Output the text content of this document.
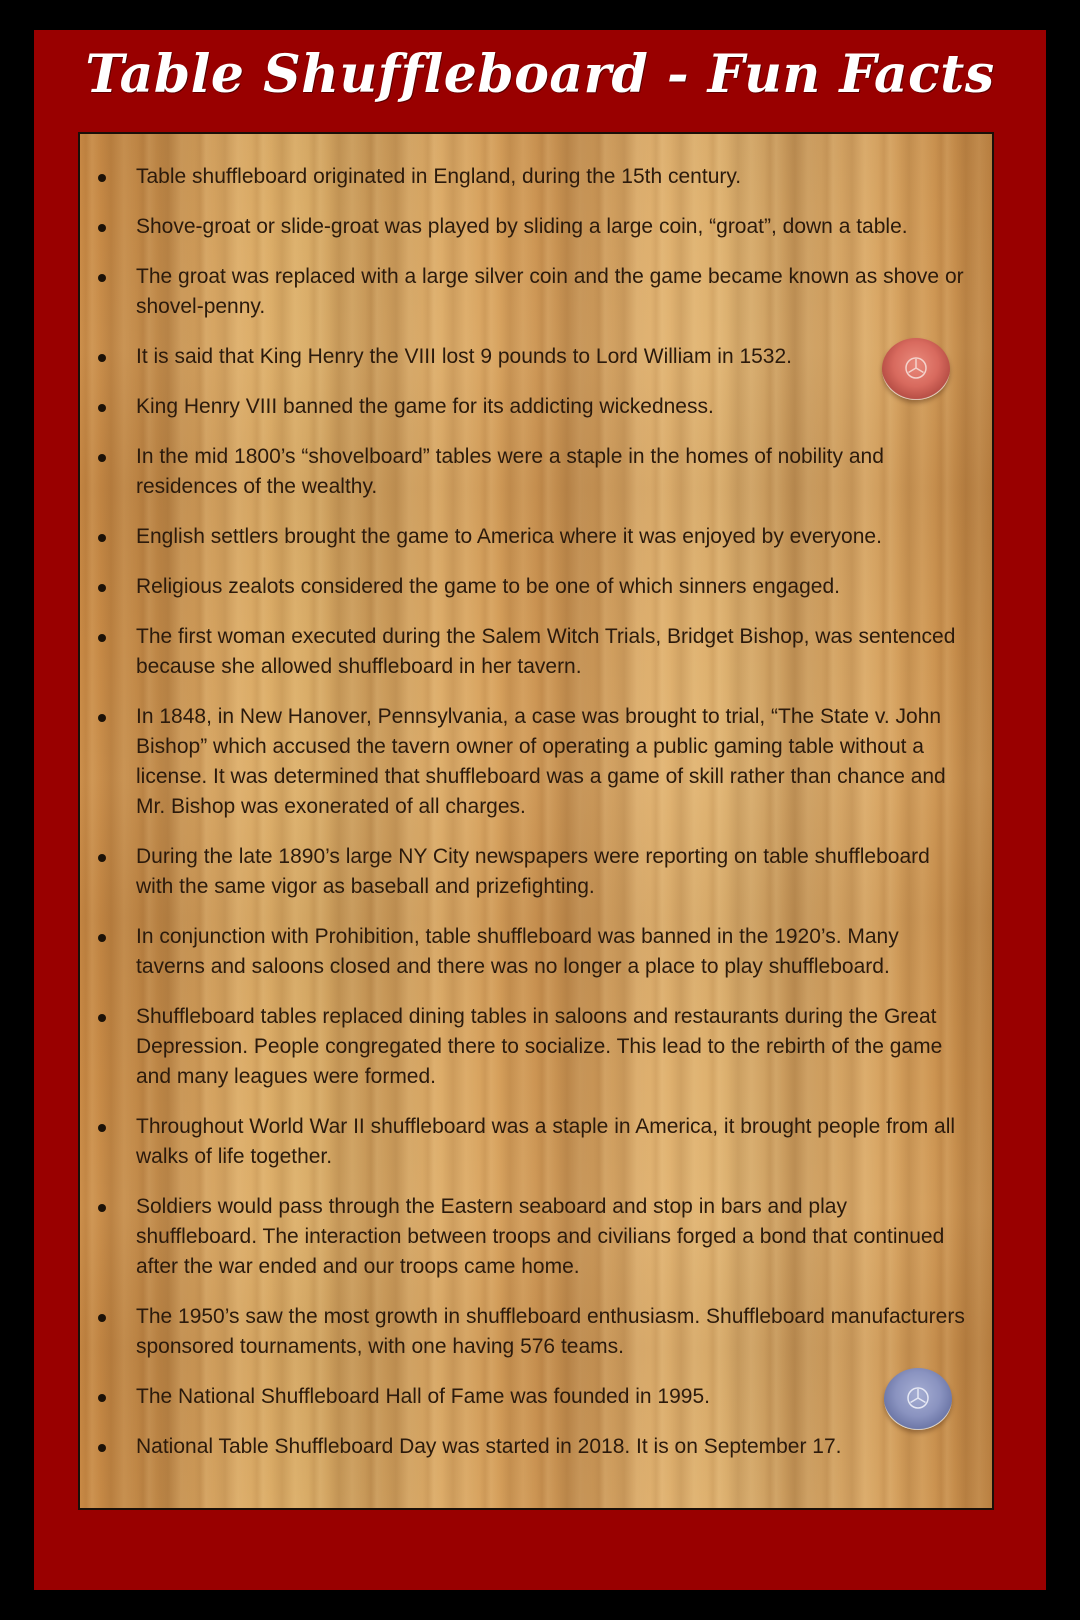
Table Shuffleboard - Fun Facts
Table shuffleboard originated in England, during the 15th century.
Shove-groat or slide-groat was played by sliding a large coin, “groat”, down a table.
The groat was replaced with a large silver coin and the game became known as shove or shovel-penny.
It is said that King Henry the VIII lost 9 pounds to Lord William in 1532.
King Henry VIII banned the game for its addicting wickedness.
In the mid 1800’s “shovelboard” tables were a staple in the homes of nobility and residences of the wealthy.
English settlers brought the game to America where it was enjoyed by everyone.
Religious zealots considered the game to be one of which sinners engaged.
The first woman executed during the Salem Witch Trials, Bridget Bishop, was sentenced because she allowed shuffleboard in her tavern.
In 1848, in New Hanover, Pennsylvania, a case was brought to trial, “The State v. John Bishop” which accused the tavern owner of operating a public gaming table without a license. It was determined that shuffleboard was a game of skill rather than chance and Mr. Bishop was exonerated of all charges.
During the late 1890’s large NY City newspapers were reporting on table shuffleboard with the same vigor as baseball and prizefighting.
In conjunction with Prohibition, table shuffleboard was banned in the 1920’s. Many taverns and saloons closed and there was no longer a place to play shuffleboard.
Shuffleboard tables replaced dining tables in saloons and restaurants during the Great Depression. People congregated there to socialize. This lead to the rebirth of the game and many leagues were formed.
Throughout World War II shuffleboard was a staple in America, it brought people from all walks of life together.
Soldiers would pass through the Eastern seaboard and stop in bars and play shuffleboard. The interaction between troops and civilians forged a bond that continued after the war ended and our troops came home.
The 1950’s saw the most growth in shuffleboard enthusiasm. Shuffleboard manufacturers sponsored tournaments, with one having 576 teams.
The National Shuffleboard Hall of Fame was founded in 1995.
National Table Shuffleboard Day was started in 2018. It is on September 17.
